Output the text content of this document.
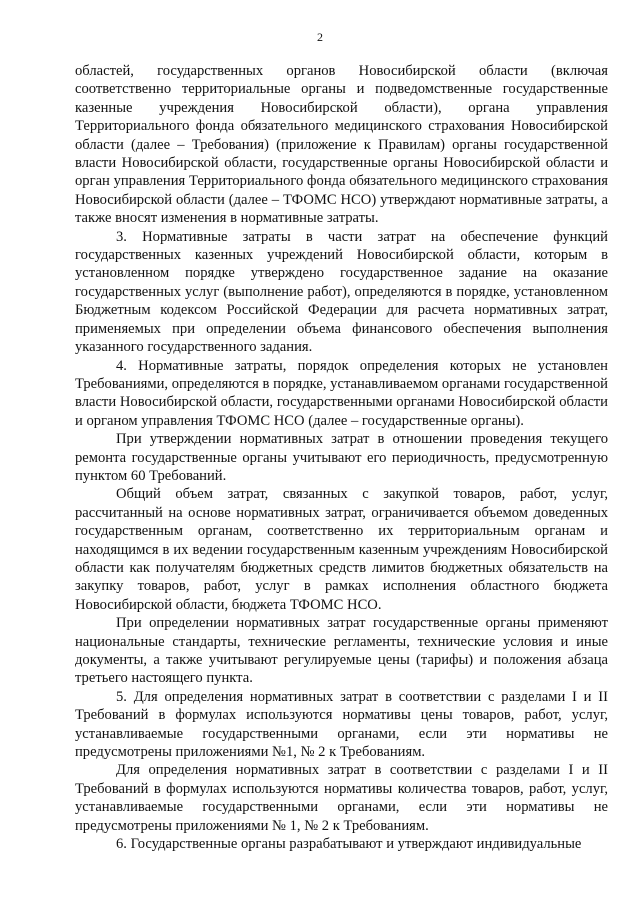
2

областей, государственных органов Новосибирской области (включая соответственно территориальные органы и подведомственные государственные казенные учреждения Новосибирской области), органа управления Территориального фонда обязательного медицинского страхования Новосибирской области (далее – Требования) (приложение к Правилам) органы государственной власти Новосибирской области, государственные органы Новосибирской области и орган управления Территориального фонда обязательного медицинского страхования Новосибирской области (далее – ТФОМС НСО) утверждают нормативные затраты, а также вносят изменения в нормативные затраты.

3. Нормативные затраты в части затрат на обеспечение функций государственных казенных учреждений Новосибирской области, которым в установленном порядке утверждено государственное задание на оказание государственных услуг (выполнение работ), определяются в порядке, установленном Бюджетным кодексом Российской Федерации для расчета нормативных затрат, применяемых при определении объема финансового обеспечения выполнения указанного государственного задания.

4. Нормативные затраты, порядок определения которых не установлен Требованиями, определяются в порядке, устанавливаемом органами государственной власти Новосибирской области, государственными органами Новосибирской области и органом управления ТФОМС НСО (далее – государственные органы).

При утверждении нормативных затрат в отношении проведения текущего ремонта государственные органы учитывают его периодичность, предусмотренную пунктом 60 Требований.

Общий объем затрат, связанных с закупкой товаров, работ, услуг, рассчитанный на основе нормативных затрат, ограничивается объемом доведенных государственным органам, соответственно их территориальным органам и находящимся в их ведении государственным казенным учреждениям Новосибирской области как получателям бюджетных средств лимитов бюджетных обязательств на закупку товаров, работ, услуг в рамках исполнения областного бюджета Новосибирской области, бюджета ТФОМС НСО.

При определении нормативных затрат государственные органы применяют национальные стандарты, технические регламенты, технические условия и иные документы, а также учитывают регулируемые цены (тарифы) и положения абзаца третьего настоящего пункта.

5. Для определения нормативных затрат в соответствии с разделами I и II Требований в формулах используются нормативы цены товаров, работ, услуг, устанавливаемые государственными органами, если эти нормативы не предусмотрены приложениями №1, № 2 к Требованиям.

Для определения нормативных затрат в соответствии с разделами I и II Требований в формулах используются нормативы количества товаров, работ, услуг, устанавливаемые государственными органами, если эти нормативы не предусмотрены приложениями № 1, № 2 к Требованиям.

6. Государственные органы разрабатывают и утверждают индивидуальные
